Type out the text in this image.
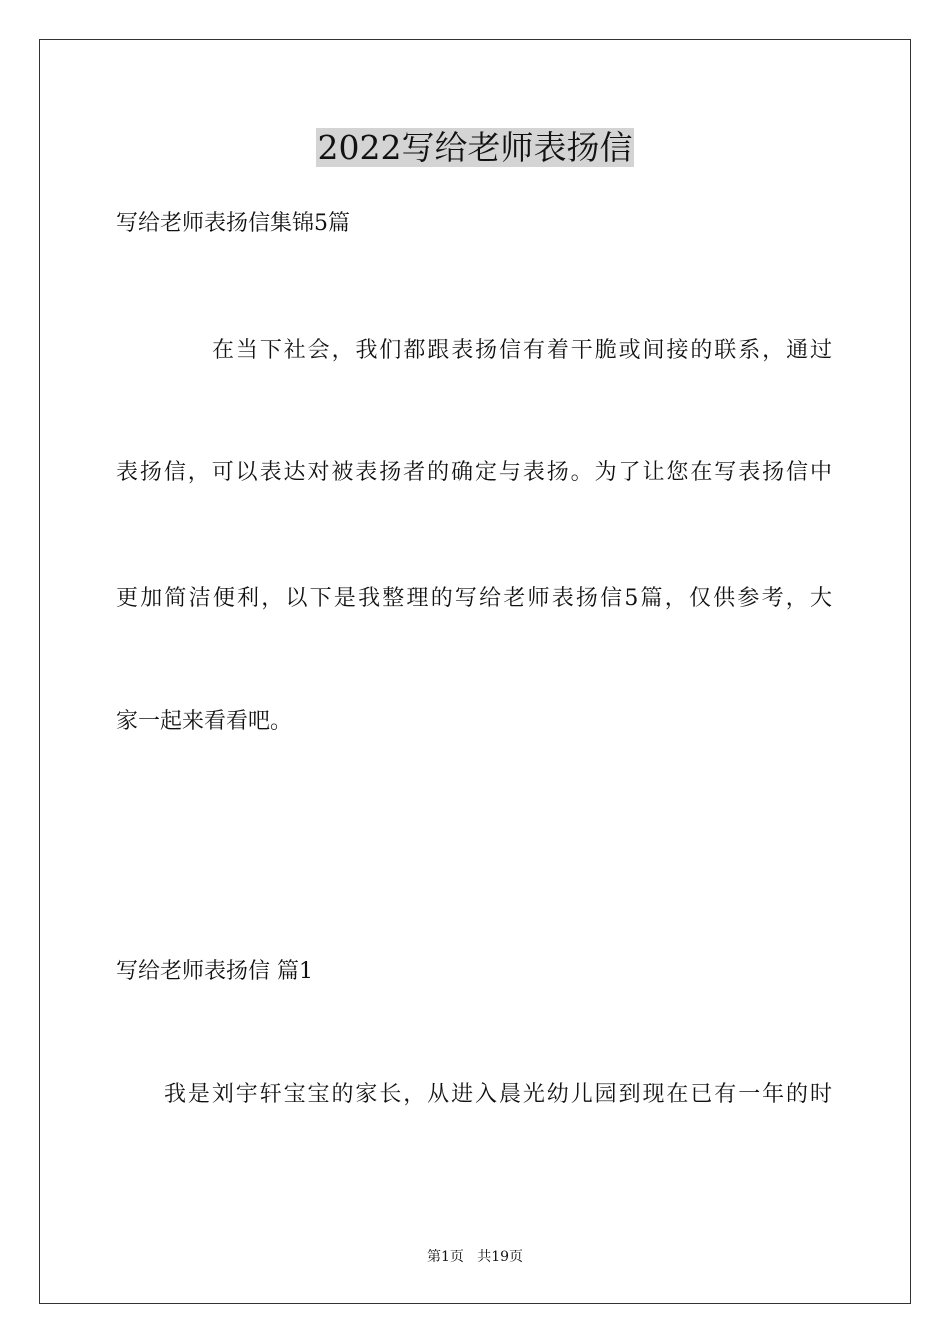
2022写给老师表扬信

写给老师表扬信集锦5篇

在当下社会，我们都跟表扬信有着干脆或间接的联系，通过

表扬信，可以表达对被表扬者的确定与表扬。为了让您在写表扬信中

更加简洁便利，以下是我整理的写给老师表扬信5篇，仅供参考，大

家一起来看看吧。

写给老师表扬信 篇1

我是刘宇轩宝宝的家长，从进入晨光幼儿园到现在已有一年的时

第1页   共19页
